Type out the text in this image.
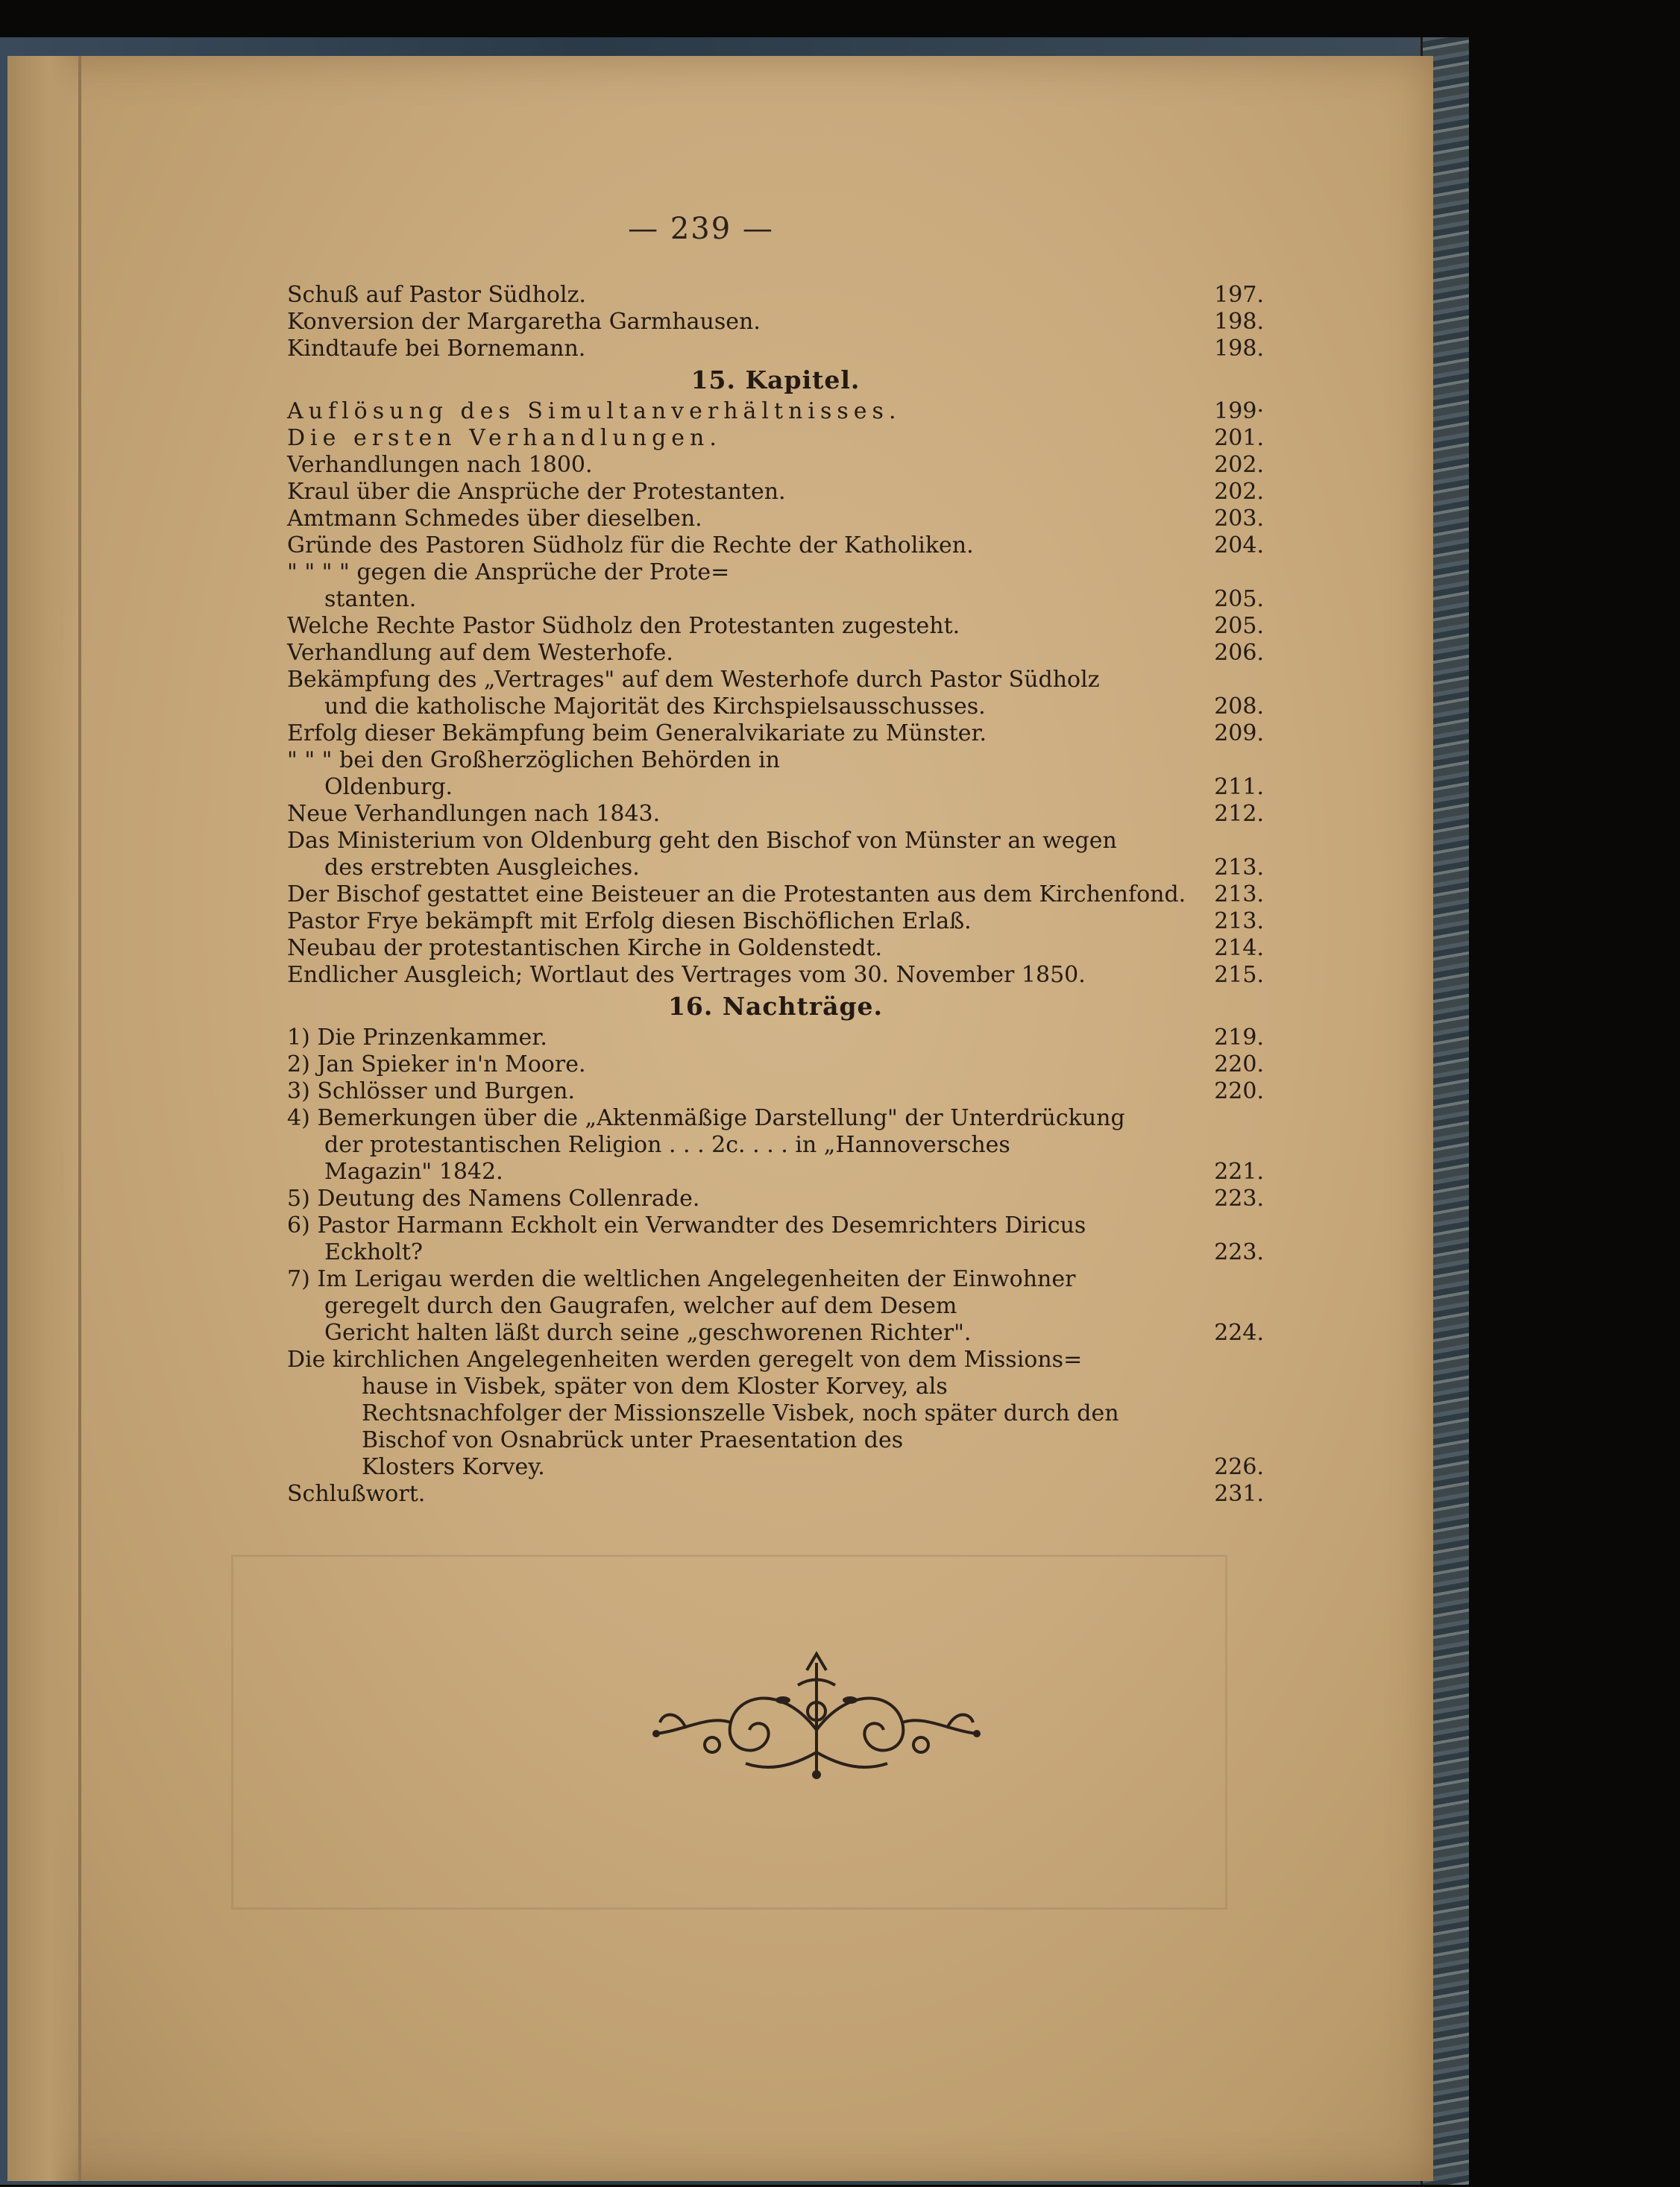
— 239 —
Schuß auf Pastor Südholz.	197.
Konversion der Margaretha Garmhausen.	198.
Kindtaufe bei Bornemann.	198.
15. Kapitel.
Auflösung des Simultanverhältnisses.	199·
Die ersten Verhandlungen.	201.
Verhandlungen nach 1800.	202.
Kraul über die Ansprüche der Protestanten.	202.
Amtmann Schmedes über dieselben.	203.
Gründe des Pastoren Südholz für die Rechte der Katholiken.	204.
" " " " gegen die Ansprüche der Prote=
stanten.	205.
Welche Rechte Pastor Südholz den Protestanten zugesteht.	205.
Verhandlung auf dem Westerhofe.	206.
Bekämpfung des „Vertrages" auf dem Westerhofe durch Pastor Südholz
und die katholische Majorität des Kirchspielsausschusses.	208.
Erfolg dieser Bekämpfung beim Generalvikariate zu Münster.	209.
" " " bei den Großherzöglichen Behörden in
Oldenburg.	211.
Neue Verhandlungen nach 1843.	212.
Das Ministerium von Oldenburg geht den Bischof von Münster an wegen
des erstrebten Ausgleiches.	213.
Der Bischof gestattet eine Beisteuer an die Protestanten aus dem Kirchenfond. 213.
Pastor Frye bekämpft mit Erfolg diesen Bischöflichen Erlaß.	213.
Neubau der protestantischen Kirche in Goldenstedt.	214.
Endlicher Ausgleich; Wortlaut des Vertrages vom 30. November 1850.	215.
16. Nachträge.
1) Die Prinzenkammer.	219.
2) Jan Spieker in'n Moore.	220.
3) Schlösser und Burgen.	220.
4) Bemerkungen über die „Aktenmäßige Darstellung" der Unterdrückung
der protestantischen Religion . . . 2c. . . . in „Hannoversches
Magazin" 1842.	221.
5) Deutung des Namens Collenrade.	223.
6) Pastor Harmann Eckholt ein Verwandter des Desemrichters Diricus
Eckholt?	223.
7) Im Lerigau werden die weltlichen Angelegenheiten der Einwohner
geregelt durch den Gaugrafen, welcher auf dem Desem
Gericht halten läßt durch seine „geschworenen Richter".	224.
Die kirchlichen Angelegenheiten werden geregelt von dem Missions=
hause in Visbek, später von dem Kloster Korvey, als
Rechtsnachfolger der Missionszelle Visbek, noch später durch den
Bischof von Osnabrück unter Praesentation des
Klosters Korvey.	226.
Schlußwort.	231.
